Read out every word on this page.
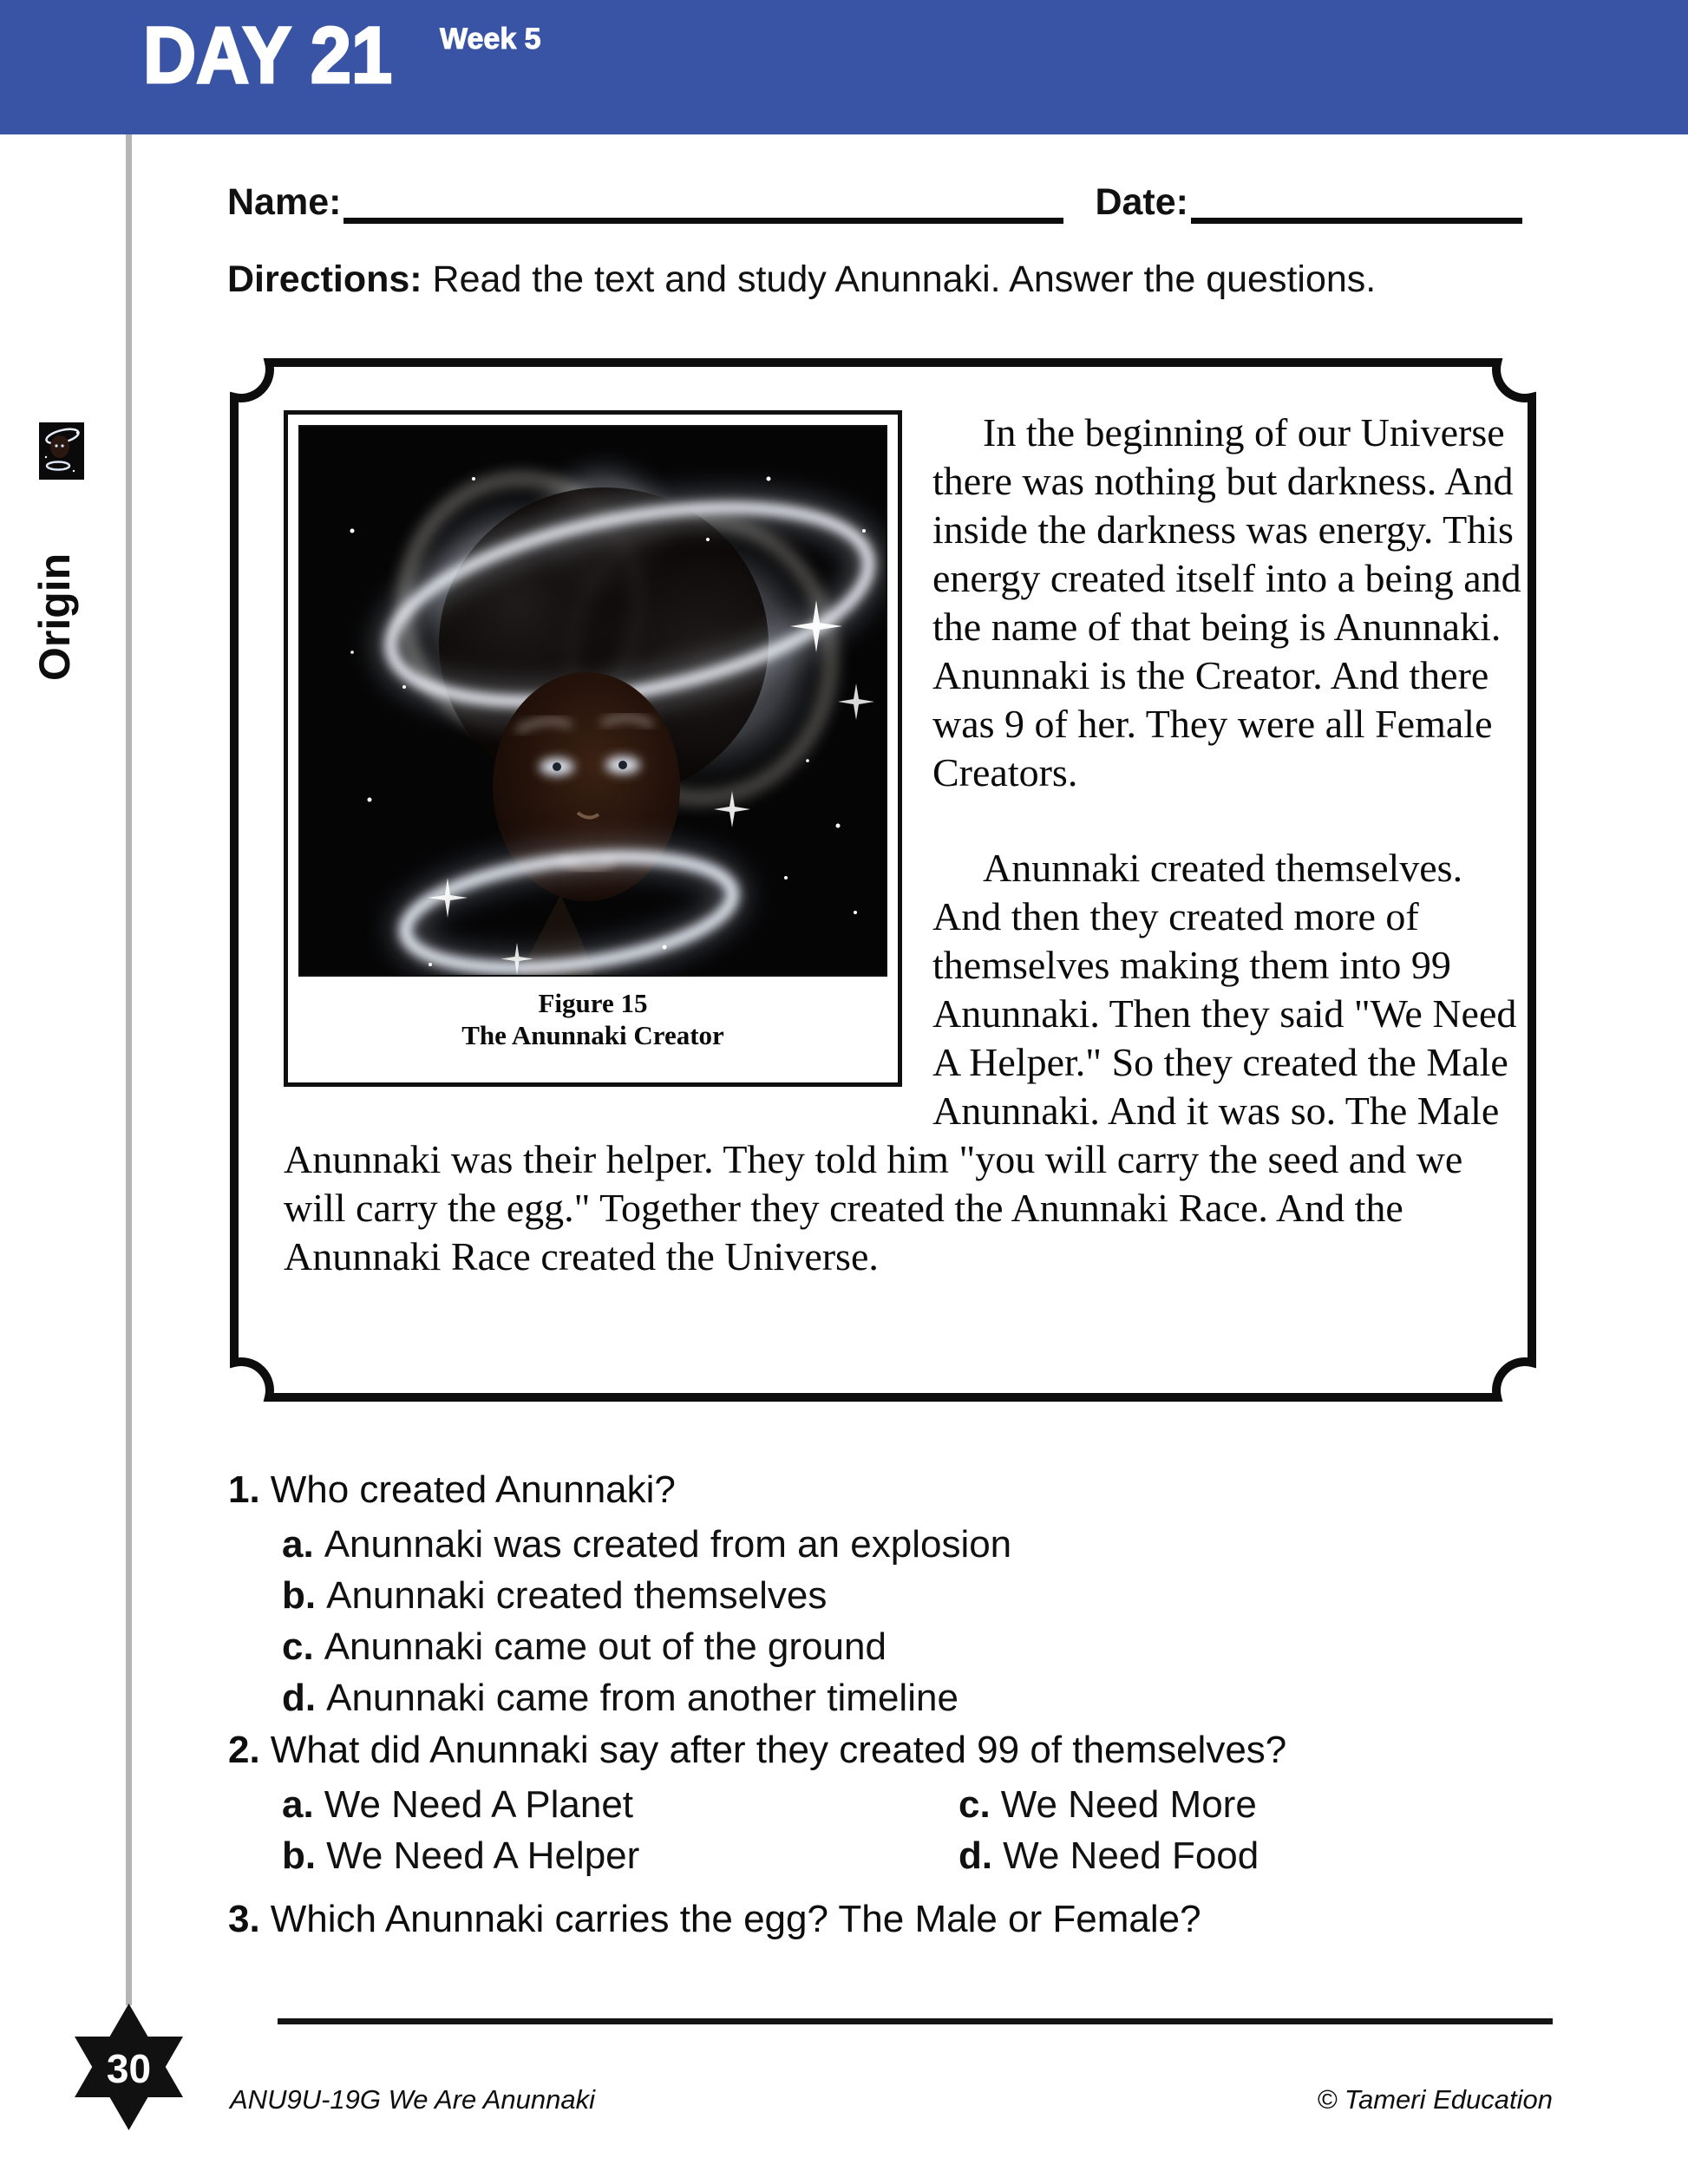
DAY 21 Week 5
Origin
Name:	Date:
Directions: Read the text and study Anunnaki. Answer the questions.
Figure 15
The Anunnaki Creator

In the beginning of our Universe there was nothing but darkness. And inside the darkness was energy. This energy created itself into a being and the name of that being is Anunnaki. Anunnaki is the Creator. And there was 9 of her. They were all Female Creators.

Anunnaki created themselves. And then they created more of themselves making them into 99 Anunnaki. Then they said "We Need A Helper." So they created the Male Anunnaki. And it was so. The Male Anunnaki was their helper. They told him "you will carry the seed and we will carry the egg." Together they created the Anunnaki Race. And the Anunnaki Race created the Universe.

1. Who created Anunnaki?
a. Anunnaki was created from an explosion
b. Anunnaki created themselves
c. Anunnaki came out of the ground
d. Anunnaki came from another timeline
2. What did Anunnaki say after they created 99 of themselves?
a. We Need A Planet	c. We Need More
b. We Need A Helper	d. We Need Food
3. Which Anunnaki carries the egg? The Male or Female?
30
ANU9U-19G We Are Anunnaki	© Tameri Education
